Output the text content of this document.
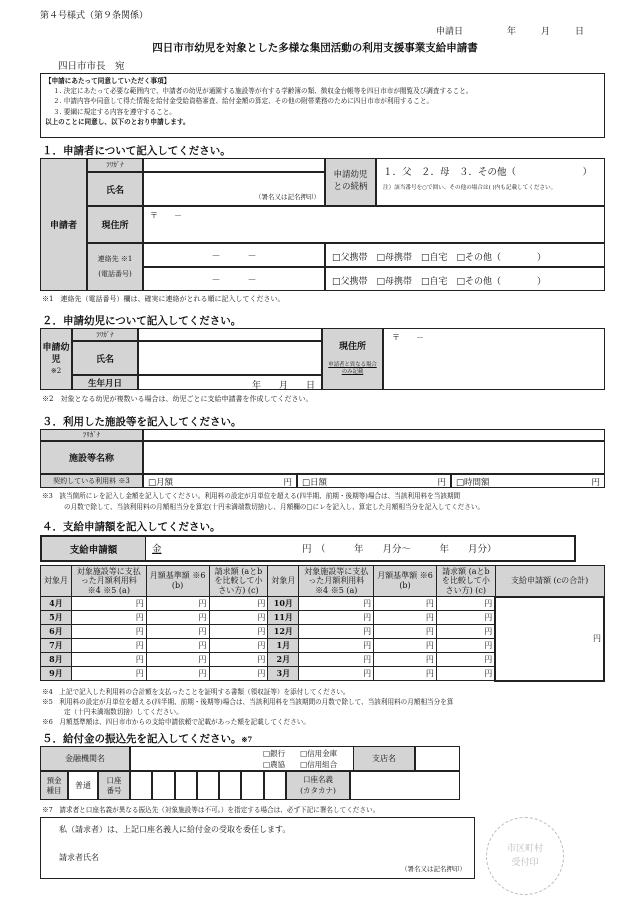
第４号様式（第９条関係）
申請日	年	月	日
四日市市幼児を対象とした多様な集団活動の利用支援事業支給申請書
四日市市長　宛
【申請にあたって同意していただく事項】
１. 決定にあたって必要な範囲内で、申請者の幼児が通園する施設等が有する学齢簿の類、徴収金台帳等を四日市市が閲覧及び調査すること。
２. 申請内容や同意して得た情報を給付金受給資格審査、給付金額の算定、その他の附帯業務のために四日市市が利用すること。
３. 要綱に規定する内容を遵守すること。
以上のことに同意し、以下のとおり申請します。
１．申請者について記入してください。
申請者
ﾌﾘｶﾞﾅ
氏名
（署名又は記名押印）
申請幼児
との続柄
１．父　２．母　３．その他（　　　　　　　）
注）該当番号を○で囲い、その他の場合は( )内も記載してください。
現住所
〒　　－
連絡先 ※1
(電話番号)
－　　　－	□父携帯　□母携帯　□自宅　□その他（　　　　）
－　　　－	□父携帯　□母携帯　□自宅　□その他（　　　　）
※1　連絡先（電話番号）欄は、確実に連絡がとれる順に記入してください。
２．申請幼児について記入してください。
申請幼児
※2
ﾌﾘｶﾞﾅ
氏名
生年月日	年　　月　　日
現住所
申請者と異なる場合のみ記載
〒　　－
※2　対象となる幼児が複数いる場合は、幼児ごとに支給申請書を作成してください。
３．利用した施設等を記入してください。
ﾌﾘｶﾞﾅ
施設等名称
契約している利用料 ※3	□月額	円	□日額	円	□時間額	円
※3　該当箇所にレを記入し金額を記入してください。利用料の設定が月単位を超える(四半期、前期・後期等)場合は、当該利用料を当該期間
の月数で除して、当該利用料の月額相当分を算定(十円未満端数切捨)し、月額欄の□にレを記入し、算定した月額相当分を記入してください。
４．支給申請額を記入してください。
支給申請額	金	円 （　　　年　　月分～　　　年　　月分）
対象月	対象施設等に支払った月額利用料 ※4 ※5 (a)	月額基準額 ※6 (b)	請求額 (aとbを比較して小さい方) (c)	対象月	対象施設等に支払った月額利用料 ※4 ※5 (a)	月額基準額 ※6 (b)	請求額 (aとbを比較して小さい方) (c)	支給申請額 (cの合計)
4月	円	円	円	10月	円	円	円	円
5月	円	円	円	11月	円	円	円	
6月	円	円	円	12月	円	円	円	
7月	円	円	円	1月	円	円	円	
8月	円	円	円	2月	円	円	円	
9月	円	円	円	3月	円	円	円	
※4　上記で記入した利用料の合計額を支払ったことを証明する書類（領収証等）を添付してください。
※5　利用料の設定が月単位を超える(四半期、前期・後期等)場合は、当該利用料を当該期間の月数で除して、当該利用料の月額相当分を算
定（十円未満端数切捨）してください。
※6　月額基準額は、四日市市からの支給申請依頼で記載があった額を記載してください。
５．給付金の振込先を記入してください。※7
金融機関名
□銀行　　□信用金庫
□農協　　□信用組合
支店名
預金種目	普通
口座番号
口座名義
(カタカナ)
※7　請求者と口座名義が異なる振込先（対象施設等は不可。）を指定する場合は、必ず下記に署名してください。
私（請求者）は、上記口座名義人に給付金の受取を委任します。
請求者氏名
（署名又は記名押印）
市区町村
受付印
